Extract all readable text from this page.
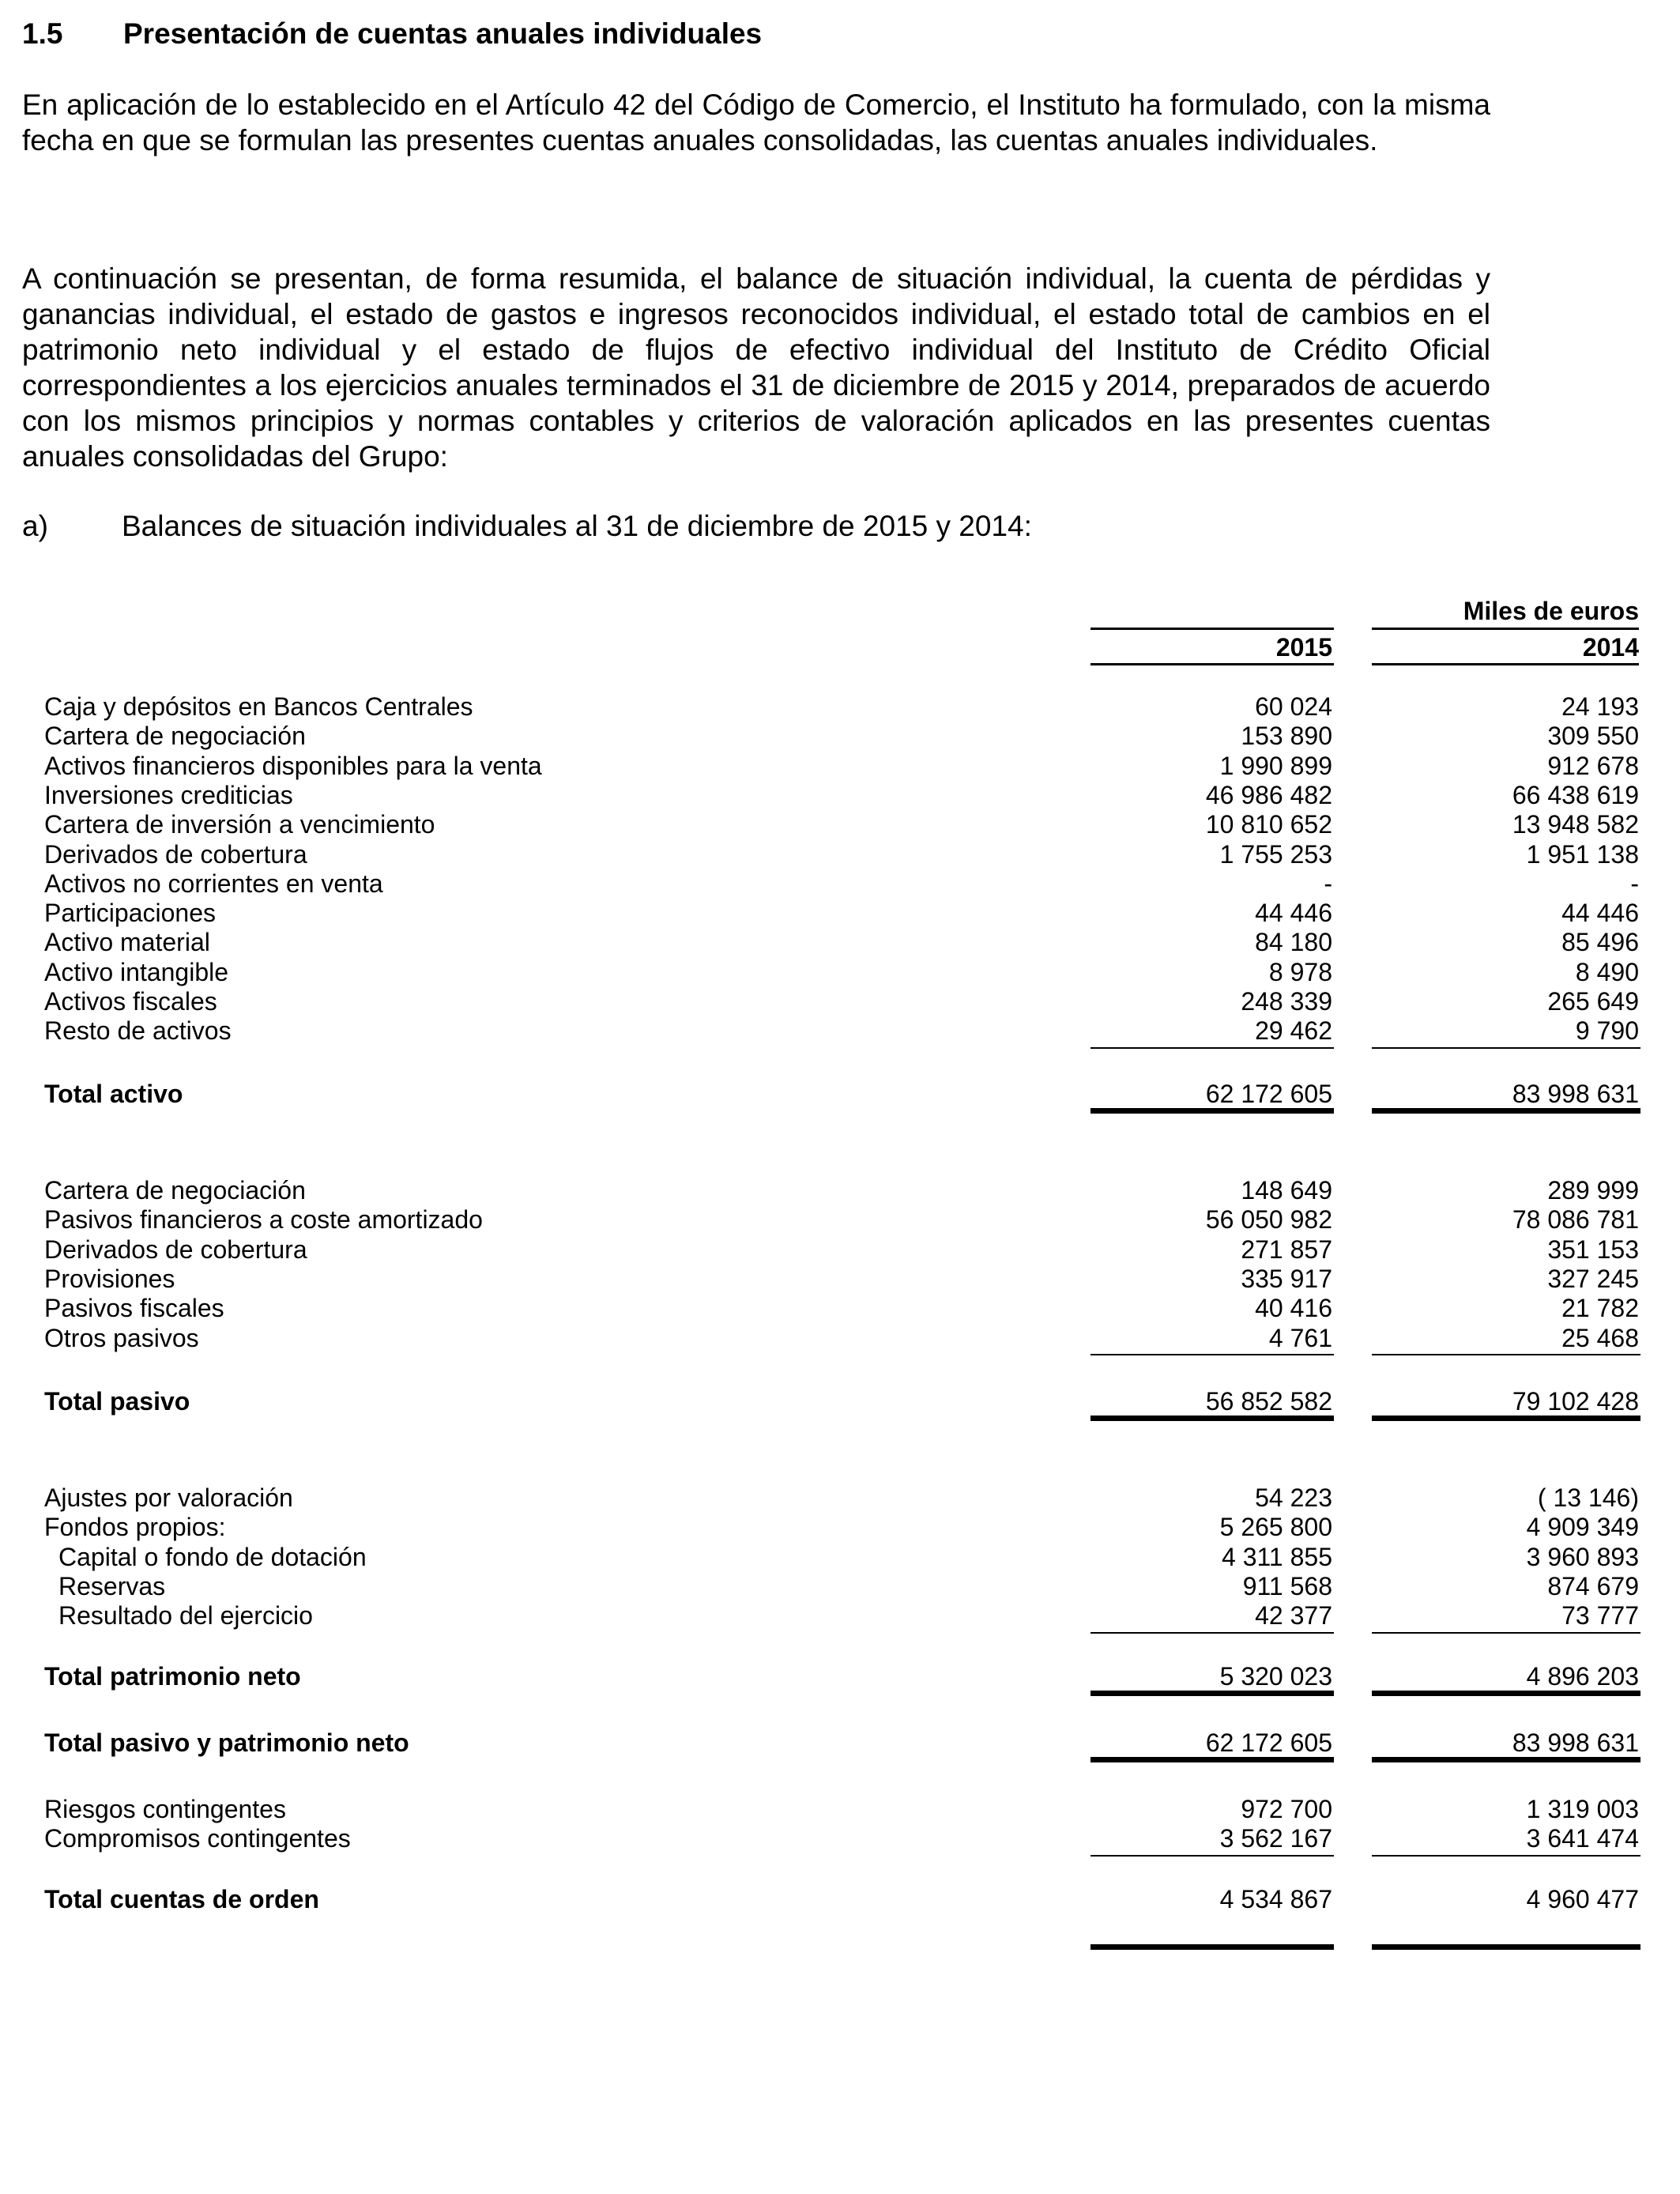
1.5 Presentación de cuentas anuales individuales
En aplicación de lo establecido en el Artículo 42 del Código de Comercio, el Instituto ha formulado, con la misma fecha en que se formulan las presentes cuentas anuales consolidadas, las cuentas anuales individuales.
A continuación se presentan, de forma resumida, el balance de situación individual, la cuenta de pérdidas y ganancias individual, el estado de gastos e ingresos reconocidos individual, el estado total de cambios en el patrimonio neto individual y el estado de flujos de efectivo individual del Instituto de Crédito Oficial correspondientes a los ejercicios anuales terminados el 31 de diciembre de 2015 y 2014, preparados de acuerdo con los mismos principios y normas contables y criterios de valoración aplicados en las presentes cuentas anuales consolidadas del Grupo:
a)	Balances de situación individuales al 31 de diciembre de 2015 y 2014:
Miles de euros
2015	2014
Caja y depósitos en Bancos Centrales	60 024	24 193
Cartera de negociación	153 890	309 550
Activos financieros disponibles para la venta	1 990 899	912 678
Inversiones crediticias	46 986 482	66 438 619
Cartera de inversión a vencimiento	10 810 652	13 948 582
Derivados de cobertura	1 755 253	1 951 138
Activos no corrientes en venta	-	-
Participaciones	44 446	44 446
Activo material	84 180	85 496
Activo intangible	8 978	8 490
Activos fiscales	248 339	265 649
Resto de activos	29 462	9 790
Total activo	62 172 605	83 998 631
Cartera de negociación	148 649	289 999
Pasivos financieros a coste amortizado	56 050 982	78 086 781
Derivados de cobertura	271 857	351 153
Provisiones	335 917	327 245
Pasivos fiscales	40 416	21 782
Otros pasivos	4 761	25 468
Total pasivo	56 852 582	79 102 428
Ajustes por valoración	54 223	( 13 146)
Fondos propios:	5 265 800	4 909 349
Capital o fondo de dotación	4 311 855	3 960 893
Reservas	911 568	874 679
Resultado del ejercicio	42 377	73 777
Total patrimonio neto	5 320 023	4 896 203
Total pasivo y patrimonio neto	62 172 605	83 998 631
Riesgos contingentes	972 700	1 319 003
Compromisos contingentes	3 562 167	3 641 474
Total cuentas de orden	4 534 867	4 960 477
